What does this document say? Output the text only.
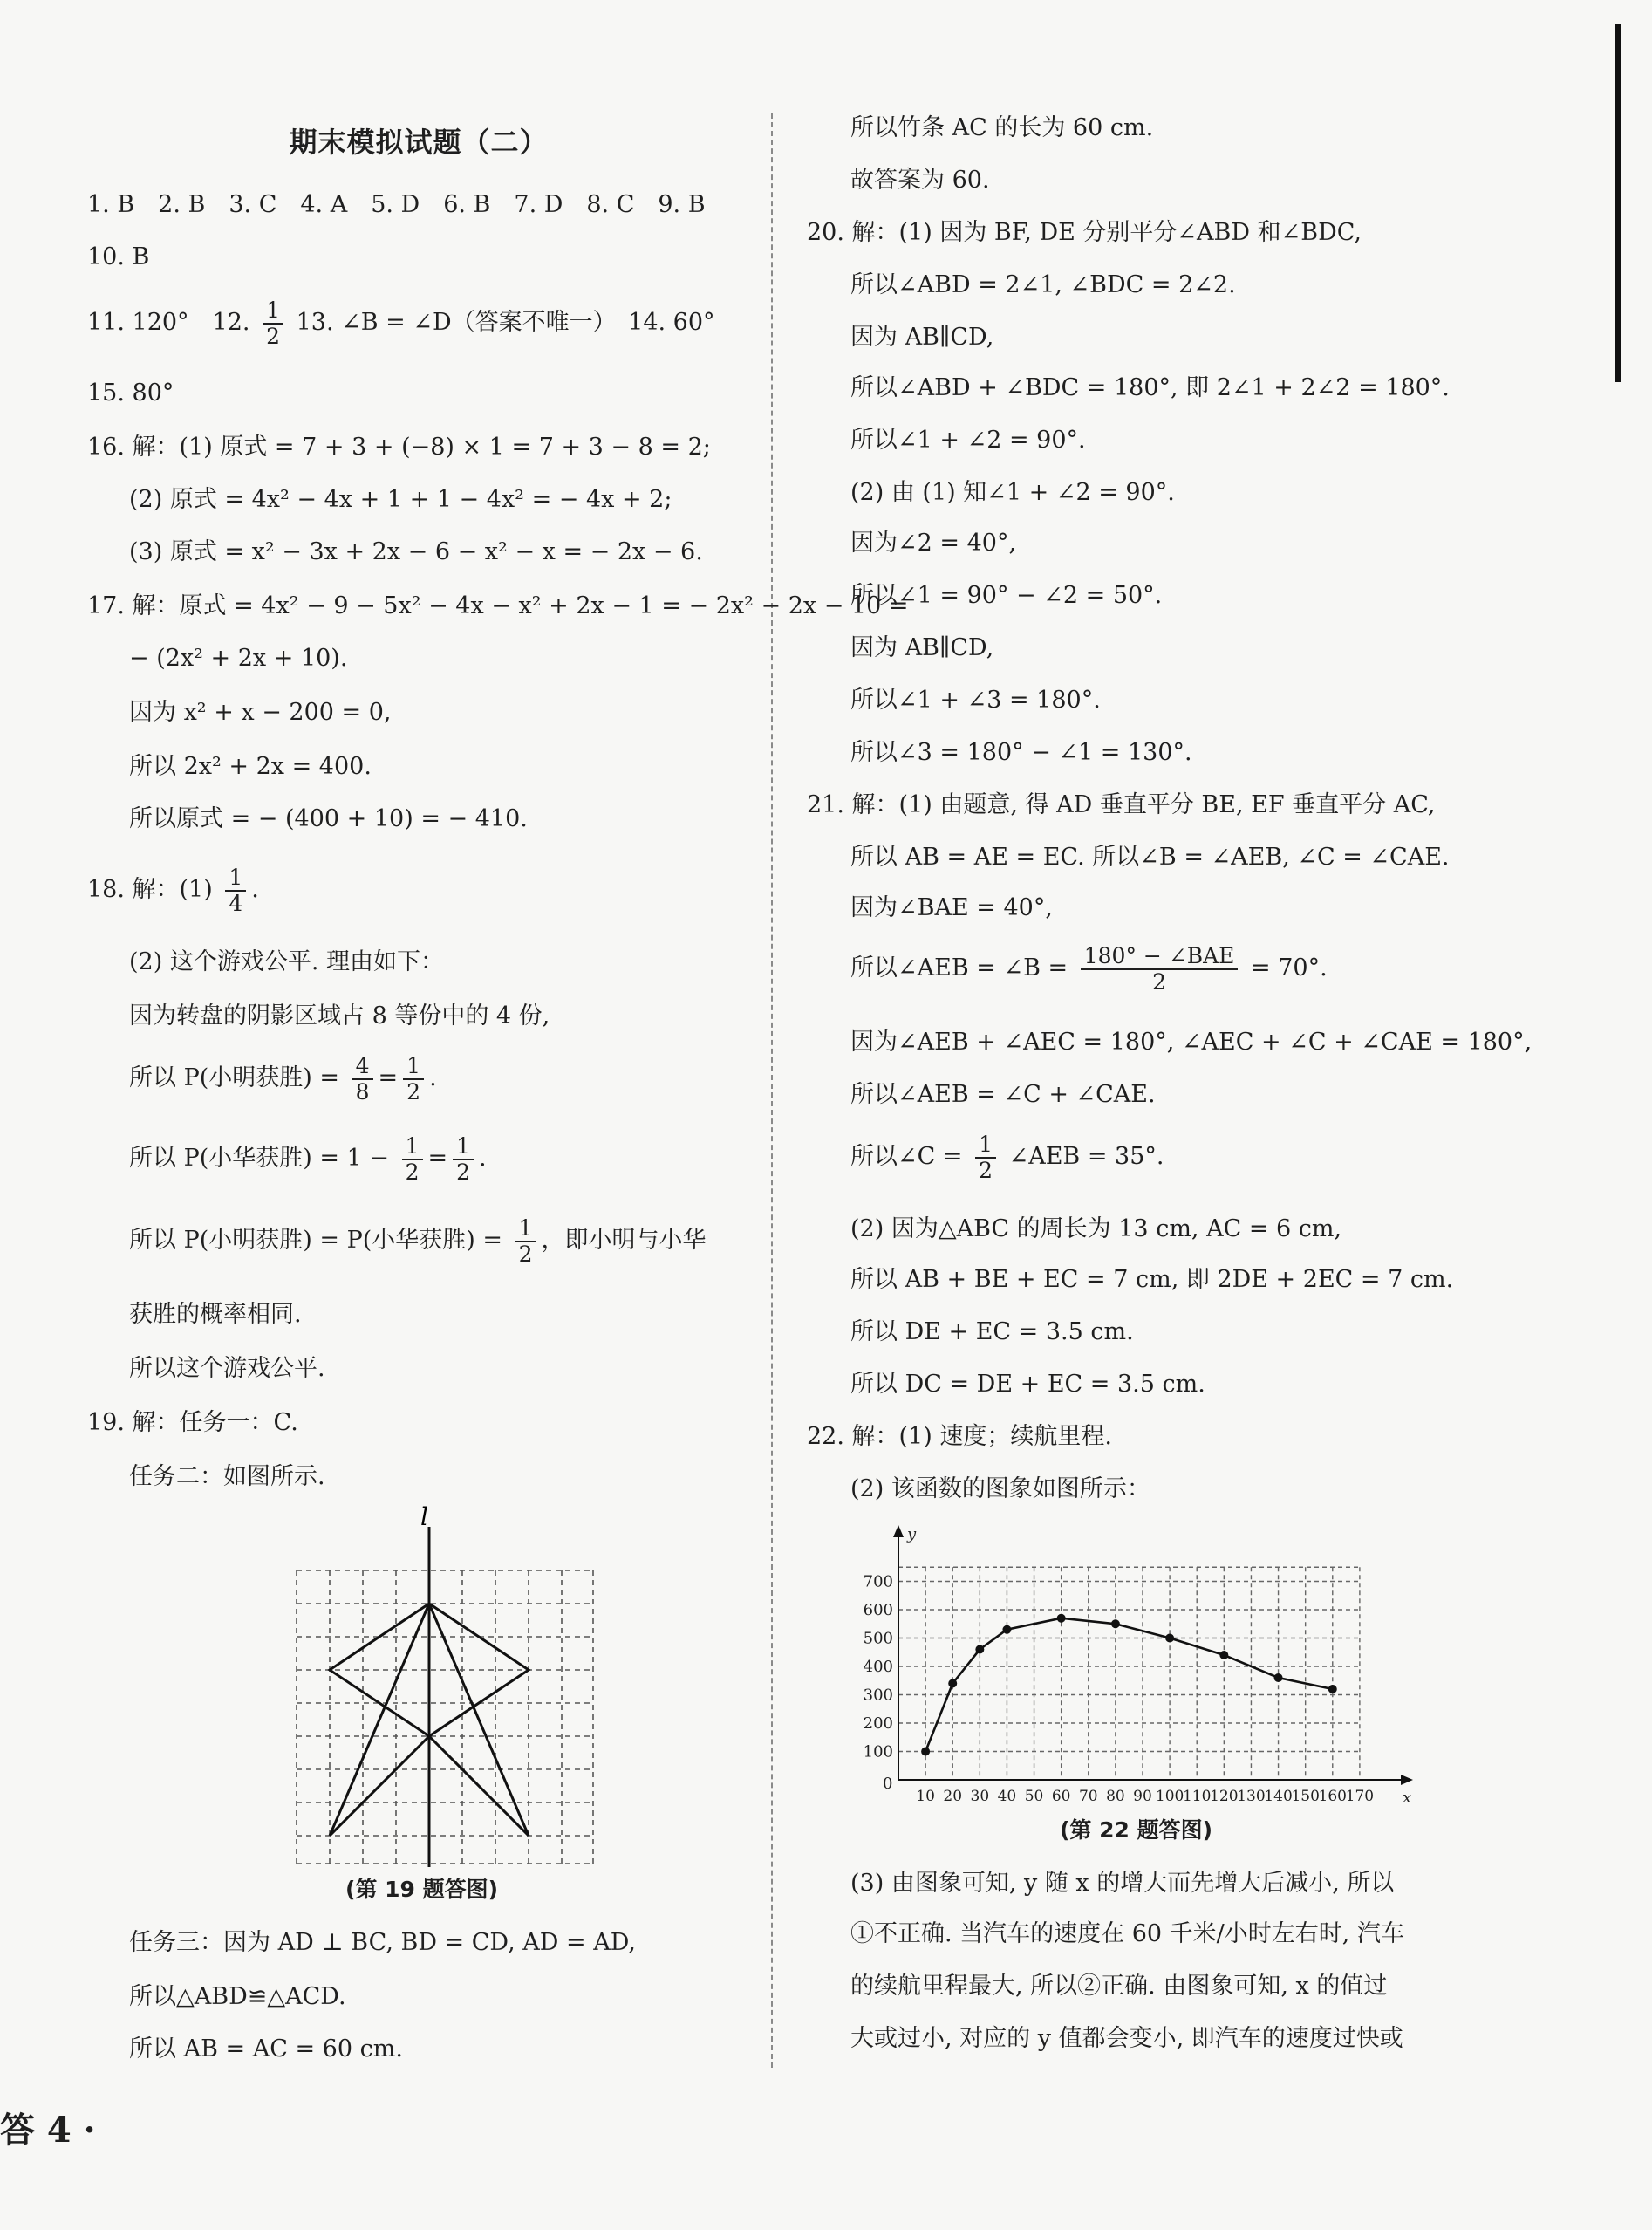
期末模拟试题（二）
1. B　2. B　3. C　4. A　5. D　6. B　7. D　8. C　9. B
10. B
11. 120°　12. $\frac{1}{2} 13$. ∠B = ∠D（答案不唯一）　14. 60°
15. 80°
16. 解：(1) 原式 = 7 + 3 + (−8) × 1 = 7 + 3 − 8 = 2;
(2) 原式 = 4x² − 4x + 1 + 1 − 4x² = − 4x + 2;
(3) 原式 = x² − 3x + 2x − 6 − x² − x = − 2x − 6.
17. 解：原式 = 4x² − 9 − 5x² − 4x − x² + 2x − 1 = − 2x² − 2x − 10 =
− (2x² + 2x + 10).
因为 x² + x − 200 = 0,
所以 2x² + 2x = 400.
所以原式 = − (400 + 10) = − 410.
18. 解：$(1) \frac{1}{4}$ .
(2) 这个游戏公平. 理由如下：
因为转盘的阴影区域占 8 等份中的 4 份,
所以 P(小明获胜) = $\frac{4}{8} = \frac{1}{2}$ .
所以 P(小华获胜) = $1 - \frac{1}{2} = \frac{1}{2}$ .
所以 P(小明获胜) = P(小华获胜) = $\frac{1}{2}$ ，即小明与小华
获胜的概率相同.
所以这个游戏公平.
19. 解：任务一：C.
任务二：如图所示.
l
(第 19 题答图)
任务三：因为 AD ⊥ BC, BD = CD, AD = AD,
所以△ABD≌△ACD.
所以 AB = AC = 60 cm.
所以竹条 AC 的长为 60 cm.
故答案为 60.
20. 解：(1) 因为 BF, DE 分别平分∠ABD 和∠BDC,
所以∠ABD = 2∠1, ∠BDC = 2∠2.
因为 AB∥CD,
所以∠ABD + ∠BDC = 180°, 即 2∠1 + 2∠2 = 180°.
所以∠1 + ∠2 = 90°.
(2) 由 (1) 知∠1 + ∠2 = 90°.
因为∠2 = 40°,
所以∠1 = 90° − ∠2 = 50°.
因为 AB∥CD,
所以∠1 + ∠3 = 180°.
所以∠3 = 180° − ∠1 = 130°.
21. 解：(1) 由题意, 得 AD 垂直平分 BE, EF 垂直平分 AC,
所以 AB = AE = EC. 所以∠B = ∠AEB, ∠C = ∠CAE.
因为∠BAE = 40°,
所以∠AEB = ∠B = $\frac{\text{180° − ∠BAE}}{2} = 70^\circ$.
因为∠AEB + ∠AEC = 180°, ∠AEC + ∠C + ∠CAE = 180°,
所以∠AEB = ∠C + ∠CAE.
所以∠C = $\frac{1}{2}$ ∠AEB = 35°.
(2) 因为△ABC 的周长为 13 cm, AC = 6 cm,
所以 AB + BE + EC = 7 cm, 即 2DE + 2EC = 7 cm.
所以 DE + EC = 3.5 cm.
所以 DC = DE + EC = 3.5 cm.
22. 解：(1) 速度；续航里程.
(2) 该函数的图象如图所示：
y
x
0
10 20 30 40 50 60 70 80 90 100
110
120
130
140
150
160
170
100
200
300
400
500
600
700
(第 22 题答图)
(3) 由图象可知, y 随 x 的增大而先增大后减小, 所以
①不正确. 当汽车的速度在 60 千米/小时左右时, 汽车
的续航里程最大, 所以②正确. 由图象可知, x 的值过
大或过小, 对应的 y 值都会变小, 即汽车的速度过快或
答 4 ·
